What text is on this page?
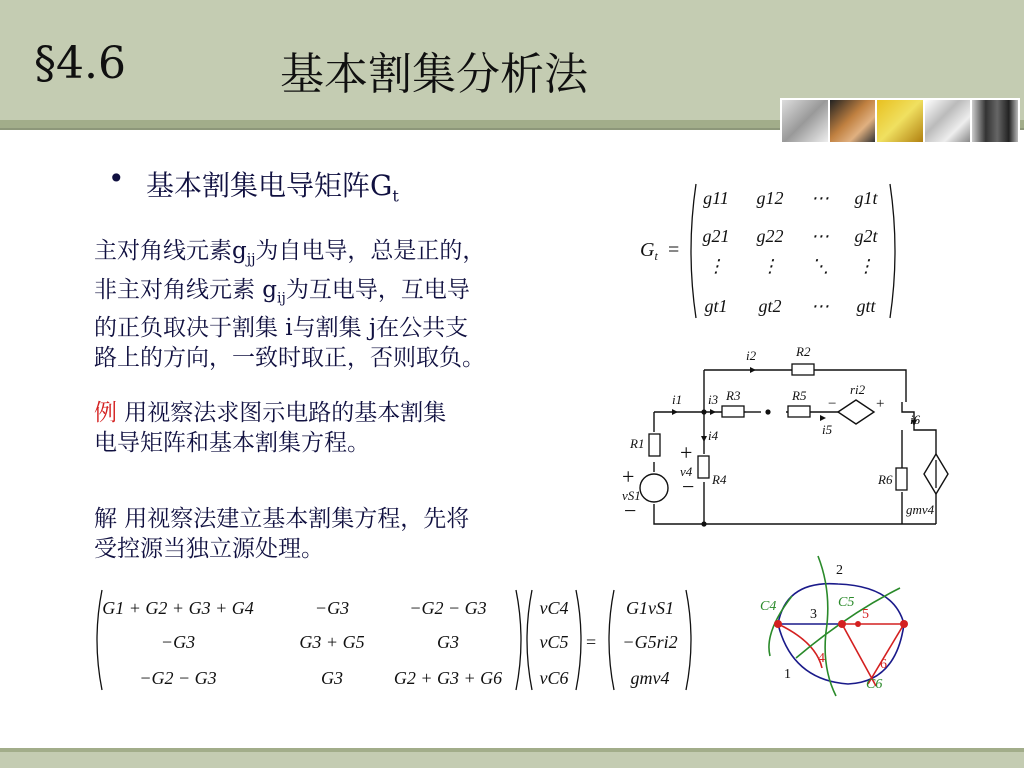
§4.6	基本割集分析法
• 基本割集电导矩阵$G_t$
主对角线元素$g_{jj}$为自电导，总是正的，
非主对角线元素 $g_{ij}$为互电导，互电导
的正负取决于割集 i与割集 j在公共支
路上的方向，一致时取正，否则取负。
例 用视察法求图示电路的基本割集
电导矩阵和基本割集方程。
解 用视察法建立基本割集方程，先将
受控源当独立源处理。
$G_t$ =
g11 g12 ⋯ g1t
g21 g22 ⋯ g2t
⋮ ⋮ ⋱ ⋮
gt1 gt2 ⋯ gtt
i2	R2
i1 i3 R3	R5	ri2
i5
i6
i4
R1
v4
R4	R6
vS1
gmv4
−	+
+
−
+
−
=
G1 + G2 + G3 + G4	−G3	−G2 − G3
−G3	G3 + G5	G3
−G2 − G3	G3	G2 + G3 + G6
vC4
vC5
vC6
G1vS1
−G5ri2
gmv4
2
C5
C4
3	5
4	6
1
C6
